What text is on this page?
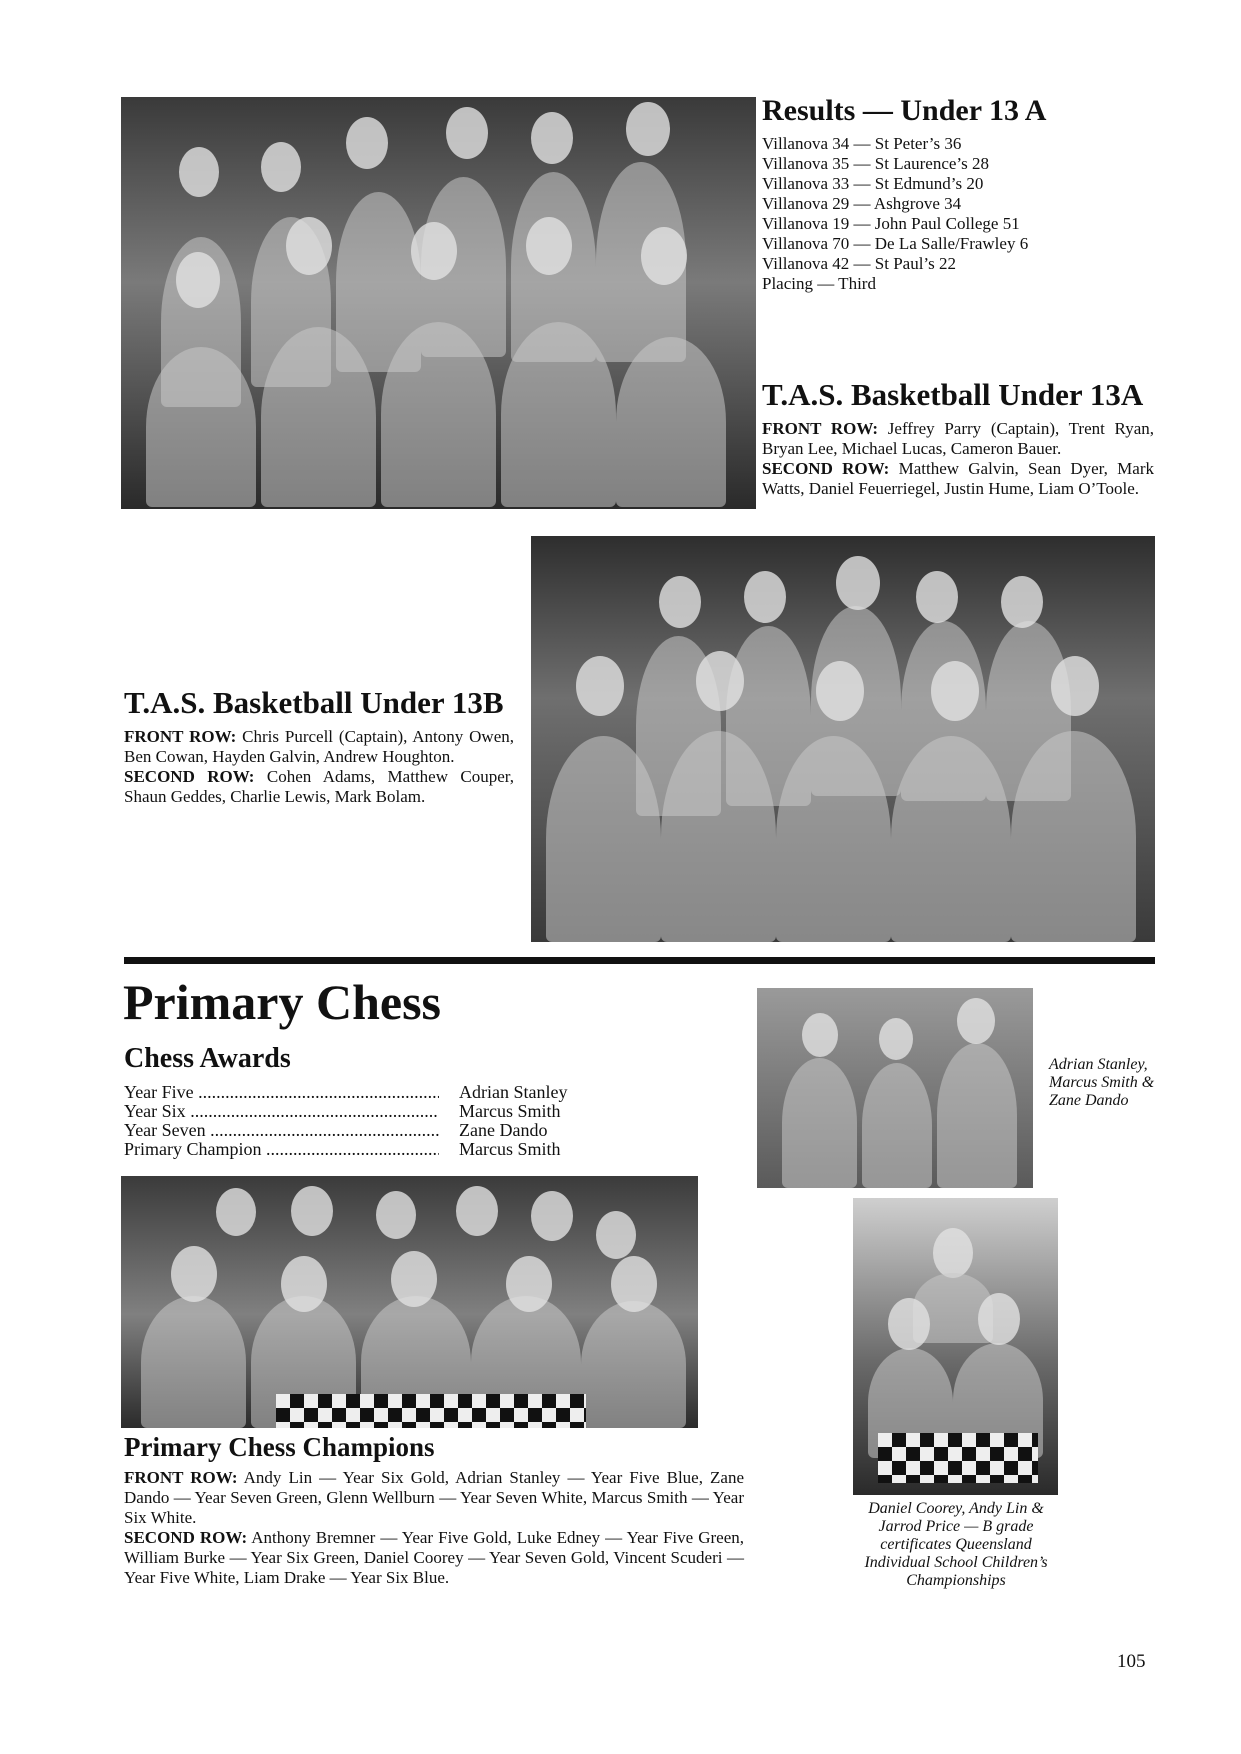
Results — Under 13 A
Villanova 34 — St Peter’s 36
Villanova 35 — St Laurence’s 28
Villanova 33 — St Edmund’s 20
Villanova 29 — Ashgrove 34
Villanova 19 — John Paul College 51
Villanova 70 — De La Salle/Frawley 6
Villanova 42 — St Paul’s 22
Placing — Third
T.A.S. Basketball Under 13A

FRONT ROW: Jeffrey Parry (Captain), Trent Ryan, Bryan Lee, Michael Lucas, Cameron Bauer.

SECOND ROW: Matthew Galvin, Sean Dyer, Mark Watts, Daniel Feuerriegel, Justin Hume, Liam O’Toole.

T.A.S. Basketball Under 13B

FRONT ROW: Chris Purcell (Captain), Antony Owen, Ben Cowan, Hayden Galvin, Andrew Houghton.

SECOND ROW: Cohen Adams, Matthew Couper, Shaun Geddes, Charlie Lewis, Mark Bolam.

Primary Chess
Chess Awards
Year Five .....	Adrian Stanley
Year Six .....	Marcus Smith
Year Seven .....	Zane Dando
Primary Champion .....	Marcus Smith
Primary Chess Champions

FRONT ROW: Andy Lin — Year Six Gold, Adrian Stanley — Year Five Blue, Zane Dando — Year Seven Green, Glenn Wellburn — Year Seven White, Marcus Smith — Year Six White.

SECOND ROW: Anthony Bremner — Year Five Gold, Luke Edney — Year Five Green, William Burke — Year Six Green, Daniel Coorey — Year Seven Gold, Vincent Scuderi — Year Five White, Liam Drake — Year Six Blue.

Adrian Stanley, Marcus Smith & Zane Dando

Daniel Coorey, Andy Lin & Jarrod Price — B grade certificates Queensland Individual School Children’s Championships

105
